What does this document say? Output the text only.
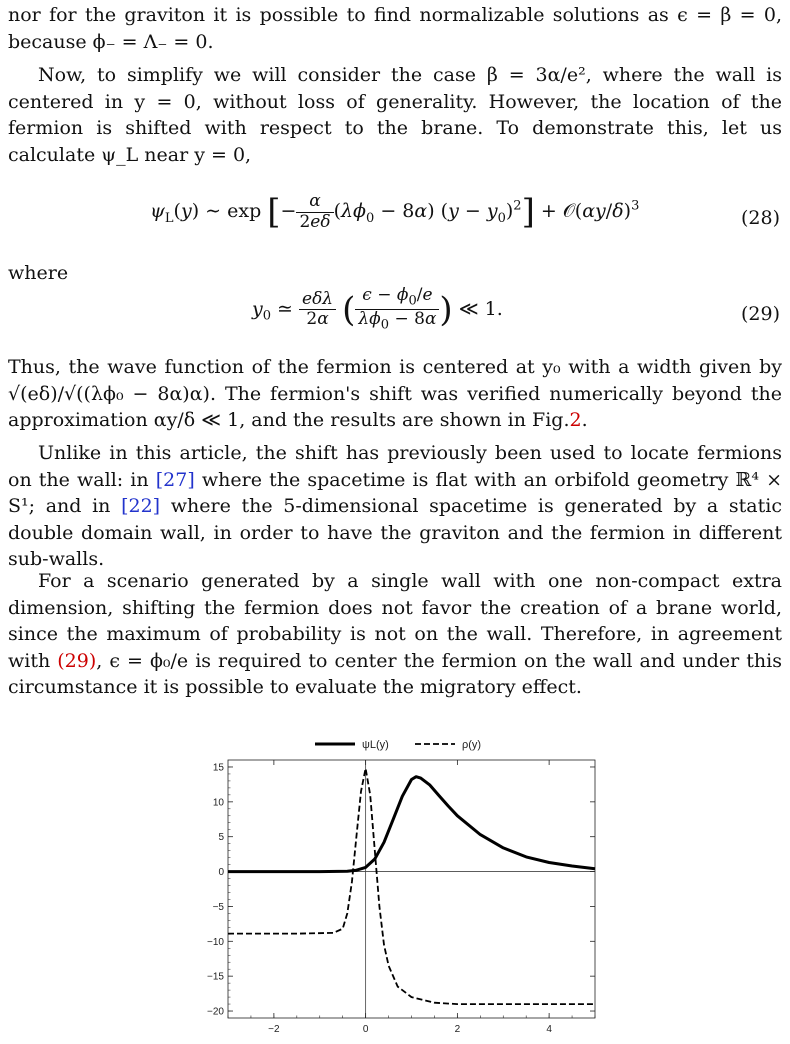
nor for the graviton it is possible to find normalizable solutions as ϵ = β = 0, because ϕ₋ = Λ₋ = 0.

Now, to simplify we will consider the case β = 3α/e², where the wall is centered in y = 0, without loss of generality. However, the location of the fermion is shifted with respect to the brane. To demonstrate this, let us calculate ψ_L near y = 0,

$\psi_L(y)$ ∼ exp [− $\frac{\alpha}{2e\delta} (\lambda\phi_0 - 8\alpha) (y - y_0)^2$] + $𝒪(\alpha y/\delta)^3$
(28)

where

$y_0$ ≃ $\frac{\text{eδλ}}{2\alpha}$ ( $\frac{\epsilon - \phi_0/e}{\lambda\phi_0 - 8\alpha}$ ) ≪ 1.	(29)

Thus, the wave function of the fermion is centered at y₀ with a width given by √(eδ)/√((λϕ₀ − 8α)α). The fermion's shift was verified numerically beyond the approximation αy/δ ≪ 1, and the results are shown in Fig.2.

Unlike in this article, the shift has previously been used to locate fermions on the wall: in [27] where the spacetime is flat with an orbifold geometry ℝ⁴ × S¹; and in [22] where the 5-dimensional spacetime is generated by a static double domain wall, in order to have the graviton and the fermion in different sub-walls.

For a scenario generated by a single wall with one non-compact extra dimension, shifting the fermion does not favor the creation of a brane world, since the maximum of probability is not on the wall. Therefore, in agreement with (29), ϵ = ϕ₀/e is required to center the fermion on the wall and under this circumstance it is possible to evaluate the migratory effect.

ψL(y)	ρ(y)
−2	0	2	4
15
10
5
0
−5
−10
−15
−20
